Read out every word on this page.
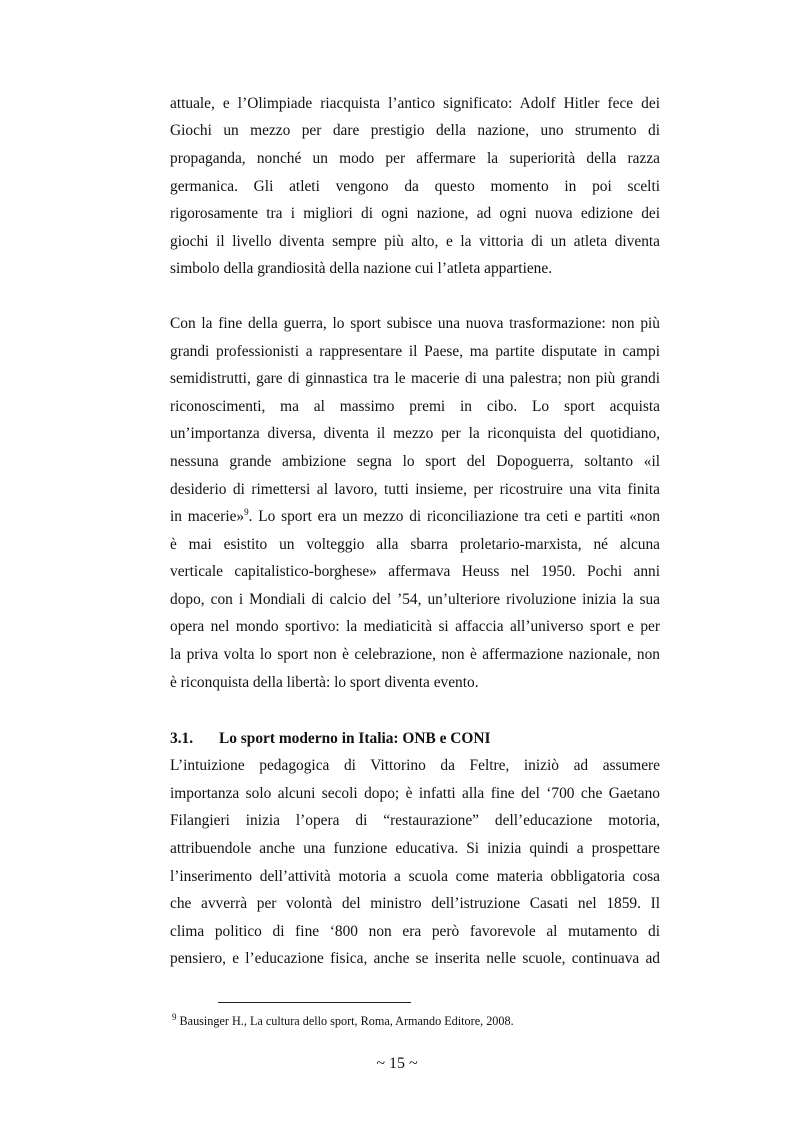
attuale, e l’Olimpiade riacquista l’antico significato: Adolf Hitler fece dei
Giochi un mezzo per dare prestigio della nazione, uno strumento di
propaganda, nonché un modo per affermare la superiorità della razza
germanica. Gli atleti vengono da questo momento in poi scelti
rigorosamente tra i migliori di ogni nazione, ad ogni nuova edizione dei
giochi il livello diventa sempre più alto, e la vittoria di un atleta diventa
simbolo della grandiosità della nazione cui l’atleta appartiene.
Con la fine della guerra, lo sport subisce una nuova trasformazione: non più
grandi professionisti a rappresentare il Paese, ma partite disputate in campi
semidistrutti, gare di ginnastica tra le macerie di una palestra; non più grandi
riconoscimenti, ma al massimo premi in cibo. Lo sport acquista
un’importanza diversa, diventa il mezzo per la riconquista del quotidiano,
nessuna grande ambizione segna lo sport del Dopoguerra, soltanto «il
desiderio di rimettersi al lavoro, tutti insieme, per ricostruire una vita finita
in macerie»$^9$. Lo sport era un mezzo di riconciliazione tra ceti e partiti «non
è mai esistito un volteggio alla sbarra proletario-marxista, né alcuna
verticale capitalistico-borghese» affermava Heuss nel 1950. Pochi anni
dopo, con i Mondiali di calcio del ’54, un’ulteriore rivoluzione inizia la sua
opera nel mondo sportivo: la mediaticità si affaccia all’universo sport e per
la priva volta lo sport non è celebrazione, non è affermazione nazionale, non
è riconquista della libertà: lo sport diventa evento.
3.1. Lo sport moderno in Italia: ONB e CONI
L’intuizione pedagogica di Vittorino da Feltre, iniziò ad assumere
importanza solo alcuni secoli dopo; è infatti alla fine del ‘700 che Gaetano
Filangieri inizia l’opera di “restaurazione” dell’educazione motoria,
attribuendole anche una funzione educativa. Si inizia quindi a prospettare
l’inserimento dell’attività motoria a scuola come materia obbligatoria cosa
che avverrà per volontà del ministro dell’istruzione Casati nel 1859. Il
clima politico di fine ‘800 non era però favorevole al mutamento di
pensiero, e l’educazione fisica, anche se inserita nelle scuole, continuava ad
$^9$ Bausinger H., La cultura dello sport, Roma, Armando Editore, 2008.
~ 15 ~
